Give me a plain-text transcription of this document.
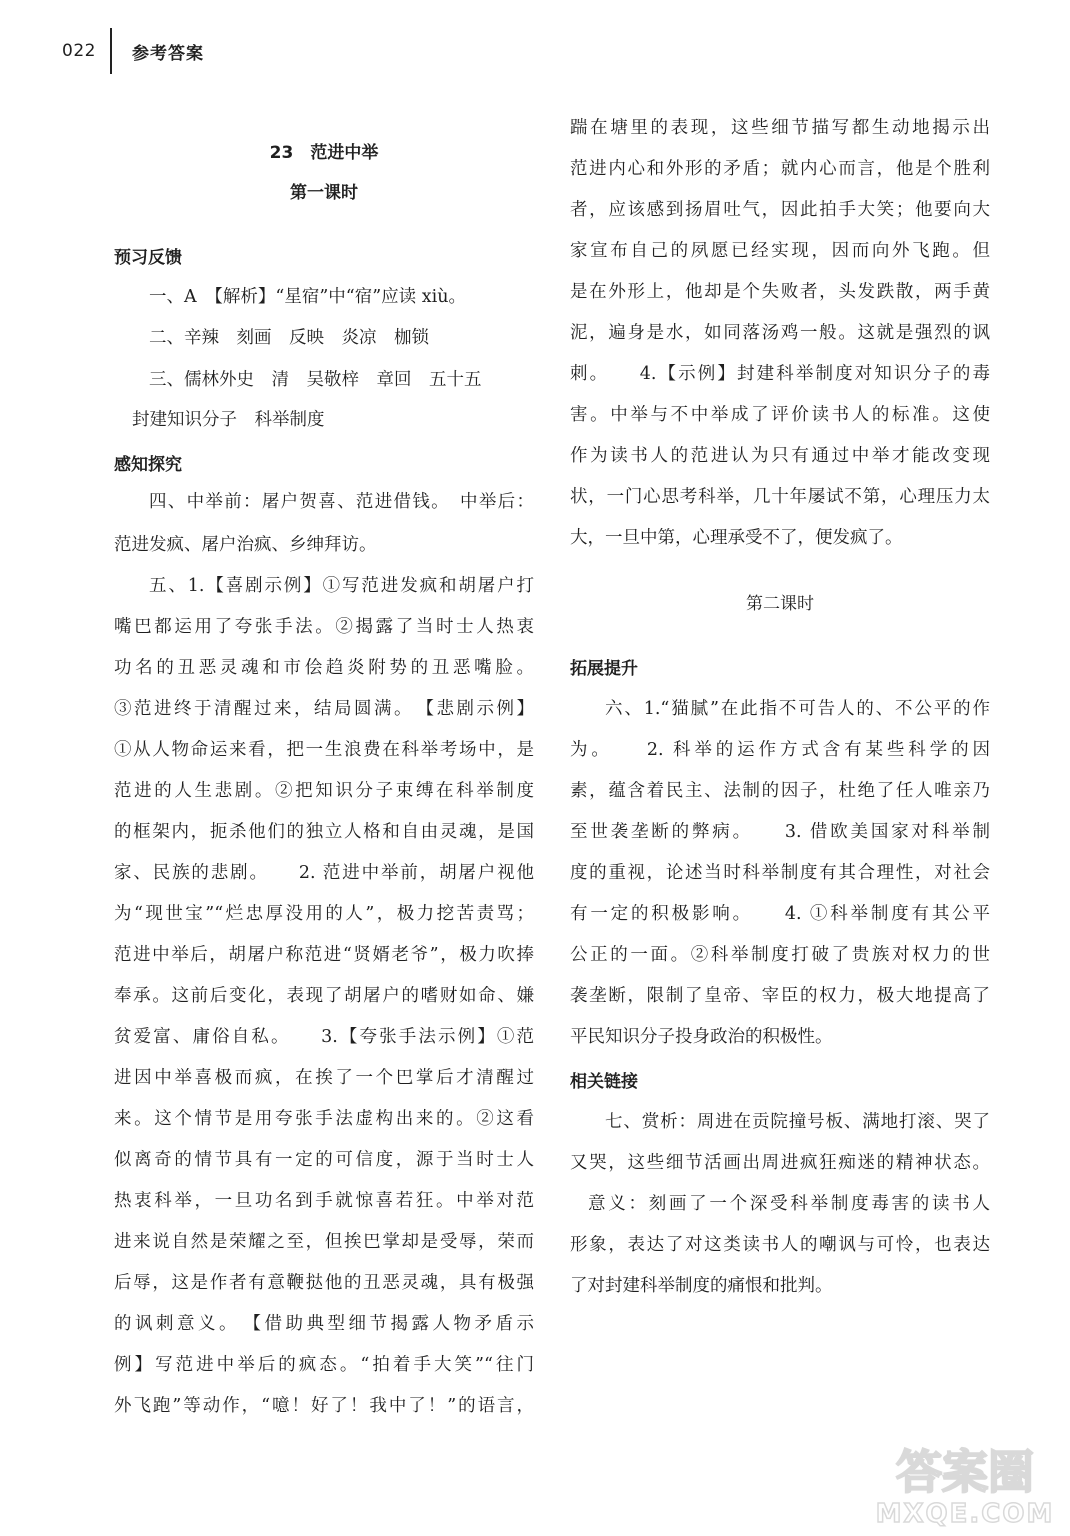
022 参考答案
23　范进中举
第一课时
预习反馈
一、A　【解析】“星宿”中“宿”应读 xiù。
二、辛辣　刻画　反映　炎凉　枷锁
三、儒林外史　清　吴敬梓　章回　五十五
封建知识分子　科举制度
感知探究
四、中举前：屠户贺喜、范进借钱。　中举后：
范进发疯、屠户治疯、乡绅拜访。
五、1.【喜剧示例】①写范进发疯和胡屠户打
嘴巴都运用了夸张手法。②揭露了当时士人热衷
功名的丑恶灵魂和市侩趋炎附势的丑恶嘴脸。
③范进终于清醒过来，结局圆满。　【悲剧示例】
①从人物命运来看，把一生浪费在科举考场中，是
范进的人生悲剧。②把知识分子束缚在科举制度
的框架内，扼杀他们的独立人格和自由灵魂，是国
家、民族的悲剧。　　2. 范进中举前，胡屠户视他
为“现世宝”“烂忠厚没用的人”，极力挖苦责骂；
范进中举后，胡屠户称范进“贤婿老爷”，极力吹捧
奉承。这前后变化，表现了胡屠户的嗜财如命、嫌
贫爱富、庸俗自私。　　3.【夸张手法示例】①范
进因中举喜极而疯，在挨了一个巴掌后才清醒过
来。这个情节是用夸张手法虚构出来的。②这看
似离奇的情节具有一定的可信度，源于当时士人
热衷科举，一旦功名到手就惊喜若狂。中举对范
进来说自然是荣耀之至，但挨巴掌却是受辱，荣而
后辱，这是作者有意鞭挞他的丑恶灵魂，具有极强
的讽刺意义。　【借助典型细节揭露人物矛盾示
例】写范进中举后的疯态。“拍着手大笑”“往门
外飞跑”等动作，“噫！好了！我中了！”的语言，
踹在塘里的表现，这些细节描写都生动地揭示出
范进内心和外形的矛盾；就内心而言，他是个胜利
者，应该感到扬眉吐气，因此拍手大笑；他要向大
家宣布自己的夙愿已经实现，因而向外飞跑。但
是在外形上，他却是个失败者，头发跌散，两手黄
泥，遍身是水，如同落汤鸡一般。这就是强烈的讽
刺。　　4.【示例】封建科举制度对知识分子的毒
害。中举与不中举成了评价读书人的标准。这使
作为读书人的范进认为只有通过中举才能改变现
状，一门心思考科举，几十年屡试不第，心理压力太
大，一旦中第，心理承受不了，便发疯了。
第二课时
拓展提升
六、1.“猫腻”在此指不可告人的、不公平的作
为。　　2. 科举的运作方式含有某些科学的因
素，蕴含着民主、法制的因子，杜绝了任人唯亲乃
至世袭垄断的弊病。　　3. 借欧美国家对科举制
度的重视，论述当时科举制度有其合理性，对社会
有一定的积极影响。　　4. ①科举制度有其公平
公正的一面。②科举制度打破了贵族对权力的世
袭垄断，限制了皇帝、宰臣的权力，极大地提高了
平民知识分子投身政治的积极性。
相关链接
七、赏析：周进在贡院撞号板、满地打滚、哭了
又哭，这些细节活画出周进疯狂痴迷的精神状态。
意义：刻画了一个深受科举制度毒害的读书人
形象，表达了对这类读书人的嘲讽与可怜，也表达
了对封建科举制度的痛恨和批判。
答案圈
MXQE.COM
